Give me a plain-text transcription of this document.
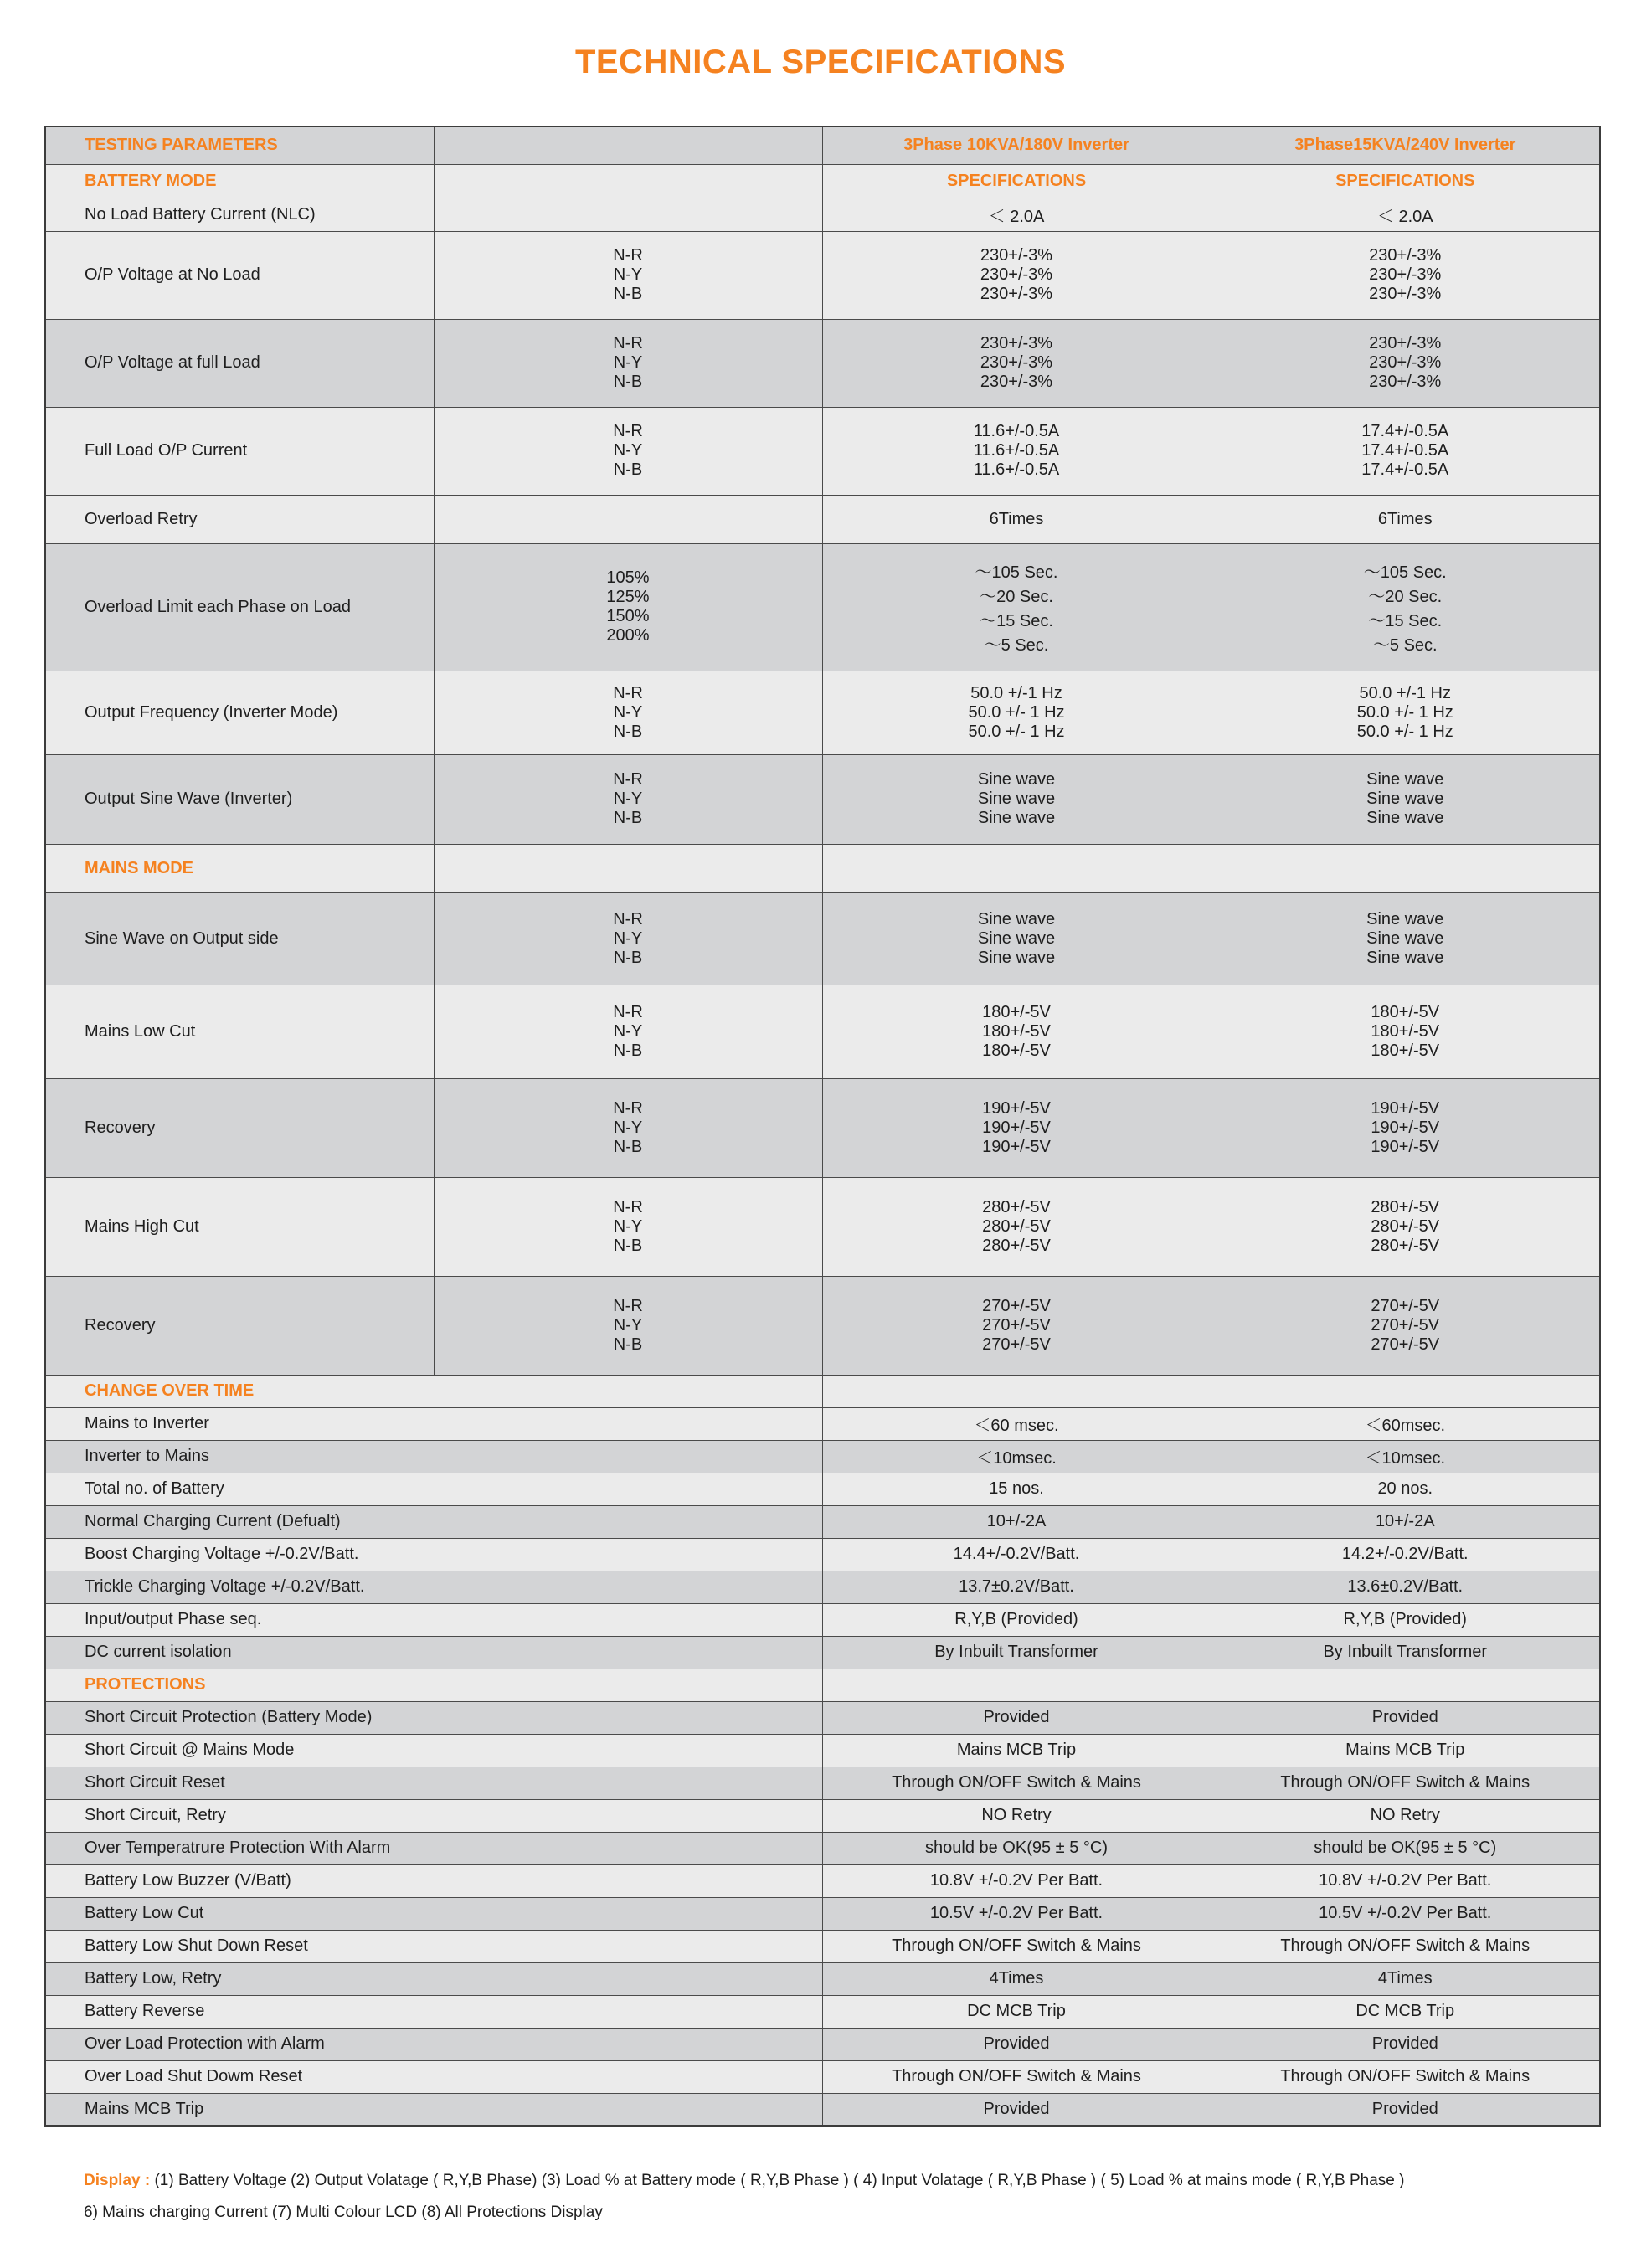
TECHNICAL SPECIFICATIONS
TESTING PARAMETERS		3Phase 10KVA/180V Inverter	3Phase15KVA/240V Inverter
BATTERY MODE		SPECIFICATIONS	SPECIFICATIONS
No Load Battery Current (NLC)		＜ 2.0A	＜ 2.0A
O/P Voltage at No Load	N-R
N-Y
N-B	230+/-3%
230+/-3%
230+/-3%	230+/-3%
230+/-3%
230+/-3%

O/P Voltage at full Load	N-R
N-Y
N-B	230+/-3%
230+/-3%
230+/-3%	230+/-3%
230+/-3%
230+/-3%

Full Load O/P Current	N-R
N-Y
N-B	11.6+/-0.5A
11.6+/-0.5A
11.6+/-0.5A	17.4+/-0.5A
17.4+/-0.5A
17.4+/-0.5A

Overload Retry		6Times	6Times
Overload Limit each Phase on Load	105%
125%
150%
200%	～105 Sec.
～20 Sec.
～15 Sec.
～5 Sec.	～105 Sec.
～20 Sec.
～15 Sec.
～5 Sec.

Output Frequency (Inverter Mode)	N-R
N-Y
N-B	50.0 +/-1 Hz
50.0 +/- 1 Hz
50.0 +/- 1 Hz	50.0 +/-1 Hz
50.0 +/- 1 Hz
50.0 +/- 1 Hz

Output Sine Wave (Inverter)	N-R
N-Y
N-B	Sine wave
Sine wave
Sine wave	Sine wave
Sine wave
Sine wave

MAINS MODE			
Sine Wave on Output side	N-R
N-Y
N-B	Sine wave
Sine wave
Sine wave	Sine wave
Sine wave
Sine wave

Mains Low Cut	N-R
N-Y
N-B	180+/-5V
180+/-5V
180+/-5V	180+/-5V
180+/-5V
180+/-5V

Recovery	N-R
N-Y
N-B	190+/-5V
190+/-5V
190+/-5V	190+/-5V
190+/-5V
190+/-5V

Mains High Cut	N-R
N-Y
N-B	280+/-5V
280+/-5V
280+/-5V	280+/-5V
280+/-5V
280+/-5V

Recovery	N-R
N-Y
N-B	270+/-5V
270+/-5V
270+/-5V	270+/-5V
270+/-5V
270+/-5V

CHANGE OVER TIME			
Mains to Inverter		＜60 msec.	＜60msec.
Inverter to Mains		＜10msec.	＜10msec.
Total no. of Battery		15 nos.	20 nos.
Normal Charging Current (Defualt)		10+/-2A	10+/-2A
Boost Charging Voltage +/-0.2V/Batt.		14.4+/-0.2V/Batt.	14.2+/-0.2V/Batt.
Trickle Charging Voltage +/-0.2V/Batt.		13.7±0.2V/Batt.	13.6±0.2V/Batt.
Input/output Phase seq.		R,Y,B (Provided)	R,Y,B (Provided)
DC current isolation		By Inbuilt Transformer	By Inbuilt Transformer
PROTECTIONS			
Short Circuit Protection (Battery Mode)		Provided	Provided
Short Circuit @ Mains Mode		Mains MCB Trip	Mains MCB Trip
Short Circuit Reset		Through ON/OFF Switch & Mains	Through ON/OFF Switch & Mains
Short Circuit, Retry		NO Retry	NO Retry
Over Temperatrure Protection With Alarm		should be OK(95 ± 5 °C)	should be OK(95 ± 5 °C)
Battery Low Buzzer (V/Batt)		10.8V +/-0.2V Per Batt.	10.8V +/-0.2V Per Batt.
Battery Low Cut		10.5V +/-0.2V Per Batt.	10.5V +/-0.2V Per Batt.
Battery Low Shut Down Reset		Through ON/OFF Switch & Mains	Through ON/OFF Switch & Mains
Battery Low, Retry		4Times	4Times
Battery Reverse		DC MCB Trip	DC MCB Trip
Over Load Protection with Alarm		Provided	Provided
Over Load Shut Dowm Reset		Through ON/OFF Switch & Mains	Through ON/OFF Switch & Mains
Mains MCB Trip		Provided	Provided
Display : (1) Battery Voltage (2) Output Volatage ( R,Y,B Phase) (3) Load % at Battery mode ( R,Y,B Phase ) ( 4) Input Volatage ( R,Y,B Phase ) ( 5) Load % at mains mode ( R,Y,B Phase )
6) Mains charging Current (7) Multi Colour LCD (8) All Protections Display
